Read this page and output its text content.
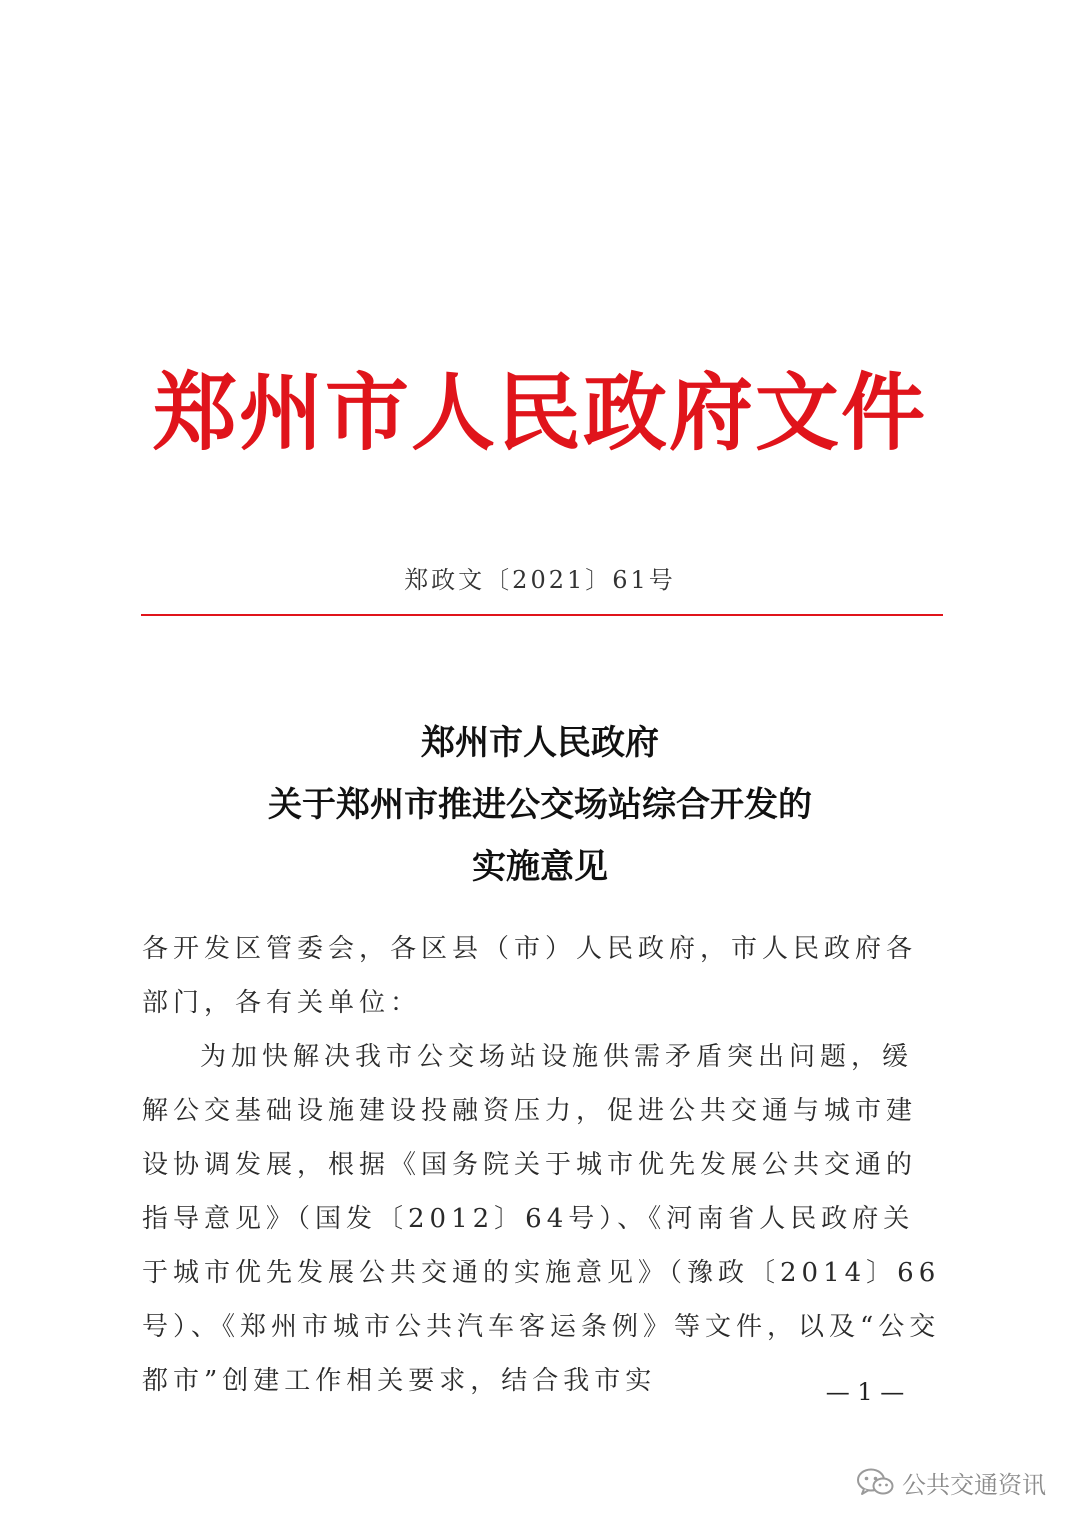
郑州市人民政府文件
郑政文〔2021〕61号
郑州市人民政府
关于郑州市推进公交场站综合开发的
实施意见

各开发区管委会，各区县（市）人民政府，市人民政府各部门，各有关单位：

为加快解决我市公交场站设施供需矛盾突出问题，缓解公交基础设施建设投融资压力，促进公共交通与城市建设协调发展，根据《国务院关于城市优先发展公共交通的指导意见》（国发〔2012〕64号）、《河南省人民政府关于城市优先发展公共交通的实施意见》（豫政〔2014〕66号）、《郑州市城市公共汽车客运条例》等文件，以及“公交都市”创建工作相关要求，结合我市实	— 1 —
公共交通资讯
